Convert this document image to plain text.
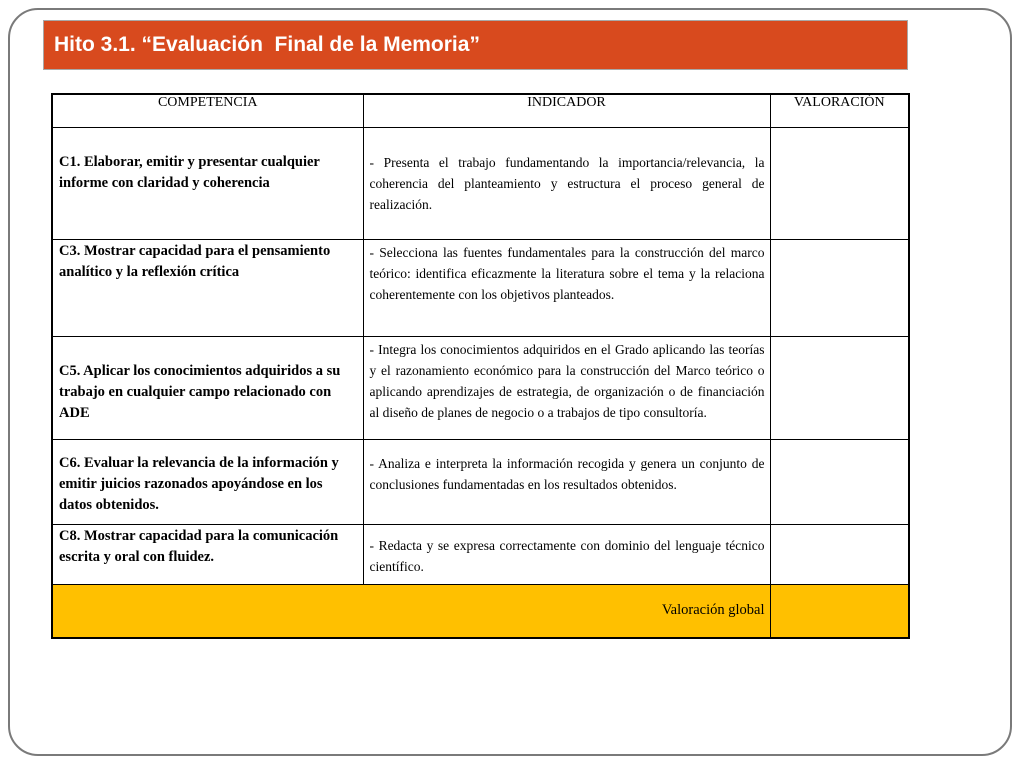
Hito 3.1. “Evaluación  Final de la Memoria”
COMPETENCIA	INDICADOR	VALORACIÓN
C1. Elaborar, emitir y presentar cualquier informe con claridad y coherencia	- Presenta el trabajo fundamentando la importancia/relevancia, la coherencia del planteamiento y estructura el proceso general de realización.	
C3. Mostrar capacidad para el pensamiento analítico y la reflexión crítica	- Selecciona las fuentes fundamentales para la construcción del marco teórico: identifica eficazmente la literatura sobre el tema y la relaciona coherentemente con los objetivos planteados.	
C5. Aplicar los conocimientos adquiridos a su trabajo en cualquier campo relacionado con ADE	- Integra los conocimientos adquiridos en el Grado aplicando las teorías y el razonamiento económico para la construcción del Marco teórico o aplicando aprendizajes de estrategia, de organización o de financiación al diseño de planes de negocio o a trabajos de tipo consultoría.	
C6. Evaluar la relevancia de la información y emitir juicios razonados apoyándose en los datos obtenidos.	- Analiza e interpreta la información recogida y genera un conjunto de conclusiones fundamentadas en los resultados obtenidos.	
C8. Mostrar capacidad para la comunicación escrita y oral con fluidez.	- Redacta y se expresa correctamente con dominio del lenguaje técnico científico.	
Valoración global		
